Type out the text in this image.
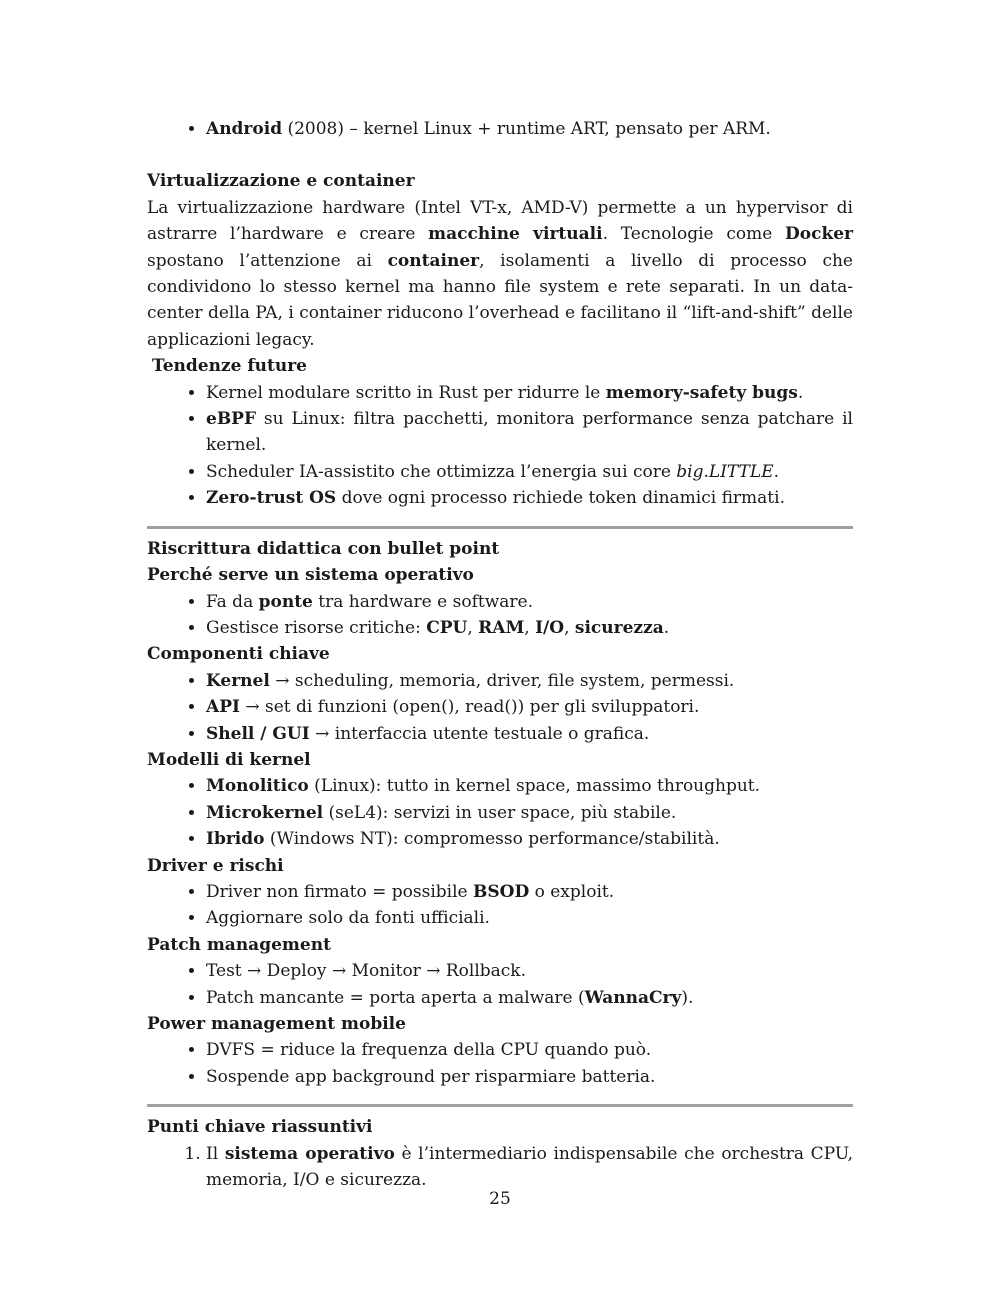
• Android (2008) – kernel Linux + runtime ART, pensato per ARM.

Virtualizzazione e container

La virtualizzazione hardware (Intel VT-x, AMD-V) permette a un hypervisor di astrarre l’hardware e creare macchine virtuali. Tecnologie come Docker spostano l’attenzione ai container, isolamenti a livello di processo che condividono lo stesso kernel ma hanno file system e rete separati. In un data-center della PA, i container riducono l’overhead e facilitano il “lift-and-shift” delle applicazioni legacy.

Tendenze future

• Kernel modulare scritto in Rust per ridurre le memory-safety bugs.
• eBPF su Linux: filtra pacchetti, monitora performance senza patchare il kernel.
• Scheduler IA-assistito che ottimizza l’energia sui core big.LITTLE.
• Zero-trust OS dove ogni processo richiede token dinamici firmati.

Riscrittura didattica con bullet point

Perché serve un sistema operativo

• Fa da ponte tra hardware e software.
• Gestisce risorse critiche: CPU, RAM, I/O, sicurezza.

Componenti chiave

• Kernel → scheduling, memoria, driver, file system, permessi.
• API → set di funzioni (open(), read()) per gli sviluppatori.
• Shell / GUI → interfaccia utente testuale o grafica.

Modelli di kernel

• Monolitico (Linux): tutto in kernel space, massimo throughput.
• Microkernel (seL4): servizi in user space, più stabile.
• Ibrido (Windows NT): compromesso performance/stabilità.

Driver e rischi

• Driver non firmato = possibile BSOD o exploit.
• Aggiornare solo da fonti ufficiali.

Patch management

• Test → Deploy → Monitor → Rollback.
• Patch mancante = porta aperta a malware (WannaCry).

Power management mobile

• DVFS = riduce la frequenza della CPU quando può.
• Sospende app background per risparmiare batteria.

Punti chiave riassuntivi

1. Il sistema operativo è l’intermediario indispensabile che orchestra CPU, memoria, I/O e sicurezza.
25
